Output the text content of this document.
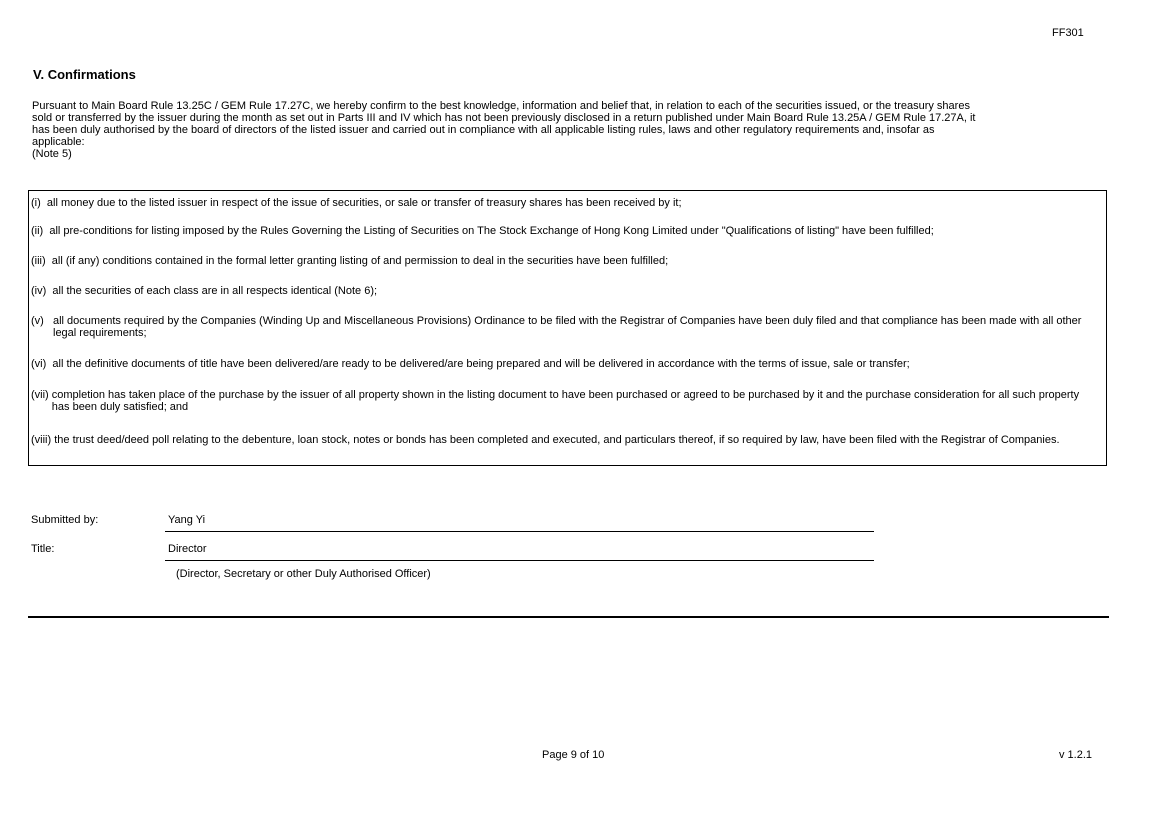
FF301
V. Confirmations

Pursuant to Main Board Rule 13.25C / GEM Rule 17.27C, we hereby confirm to the best knowledge, information and belief that, in relation to each of the securities issued, or the treasury shares

sold or transferred by the issuer during the month as set out in Parts III and IV which has not been previously disclosed in a return published under Main Board Rule 13.25A / GEM Rule 17.27A, it

has been duly authorised by the board of directors of the listed issuer and carried out in compliance with all applicable listing rules, laws and other regulatory requirements and, insofar as

applicable:

(Note 5)

(i) all money due to the listed issuer in respect of the issue of securities, or sale or transfer of treasury shares has been received by it;
(ii) all pre-conditions for listing imposed by the Rules Governing the Listing of Securities on The Stock Exchange of Hong Kong Limited under "Qualifications of listing" have been fulfilled;
(iii) all (if any) conditions contained in the formal letter granting listing of and permission to deal in the securities have been fulfilled;
(iv) all the securities of each class are in all respects identical (Note 6);
(v) all documents required by the Companies (Winding Up and Miscellaneous Provisions) Ordinance to be filed with the Registrar of Companies have been duly filed and that compliance has been made with all other legal requirements;
(vi) all the definitive documents of title have been delivered/are ready to be delivered/are being prepared and will be delivered in accordance with the terms of issue, sale or transfer;
(vii) completion has taken place of the purchase by the issuer of all property shown in the listing document to have been purchased or agreed to be purchased by it and the purchase consideration for all such property has been duly satisfied; and
(viii) the trust deed/deed poll relating to the debenture, loan stock, notes or bonds has been completed and executed, and particulars thereof, if so required by law, have been filed with the Registrar of Companies.
Submitted by:	Yang Yi
Title:	Director
(Director, Secretary or other Duly Authorised Officer)
Page 9 of 10	v 1.2.1
